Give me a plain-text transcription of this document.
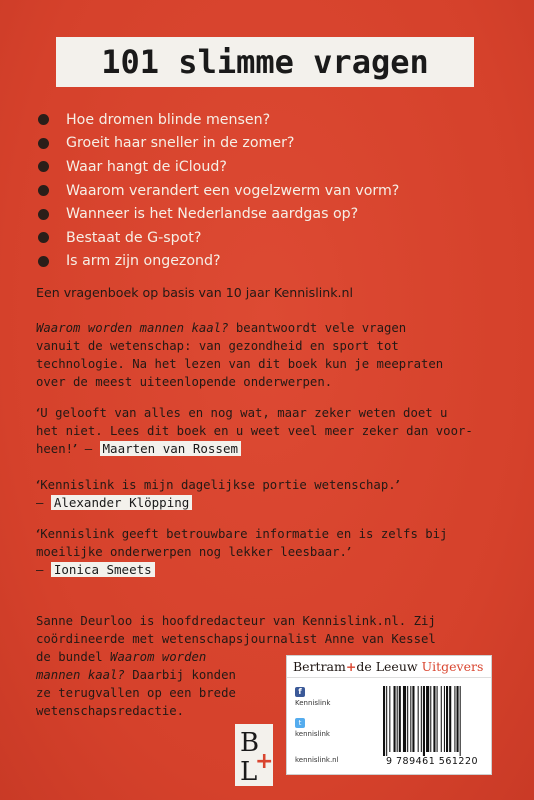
101 slimme vragen
Hoe dromen blinde mensen?
Groeit haar sneller in de zomer?
Waar hangt de iCloud?
Waarom verandert een vogelzwerm van vorm?
Wanneer is het Nederlandse aardgas op?
Bestaat de G-spot?
Is arm zijn ongezond?
Een vragenboek op basis van 10 jaar Kennislink.nl
Waarom worden mannen kaal? beantwoordt vele vragen
vanuit de wetenschap: van gezondheid en sport tot
technologie. Na het lezen van dit boek kun je meepraten
over de meest uiteenlopende onderwerpen.
‘U gelooft van alles en nog wat, maar zeker weten doet u
het niet. Lees dit boek en u weet veel meer zeker dan voor-
heen!’ – Maarten van Rossem
‘Kennislink is mijn dagelijkse portie wetenschap.’
– Alexander Klöpping
‘Kennislink geeft betrouwbare informatie en is zelfs bij
moeilijke onderwerpen nog lekker leesbaar.’
– Ionica Smeets
Sanne Deurloo is hoofdredacteur van Kennislink.nl. Zij
coördineerde met wetenschapsjournalist Anne van Kessel
de bundel Waarom worden
mannen kaal? Daarbij konden
ze terugvallen op een brede
wetenschapsredactie.
B
L
+
Bertram + de Leeuw
Uitgevers
f
Kennislink
t
kennislink
kennislink.nl	9 789461 561220
